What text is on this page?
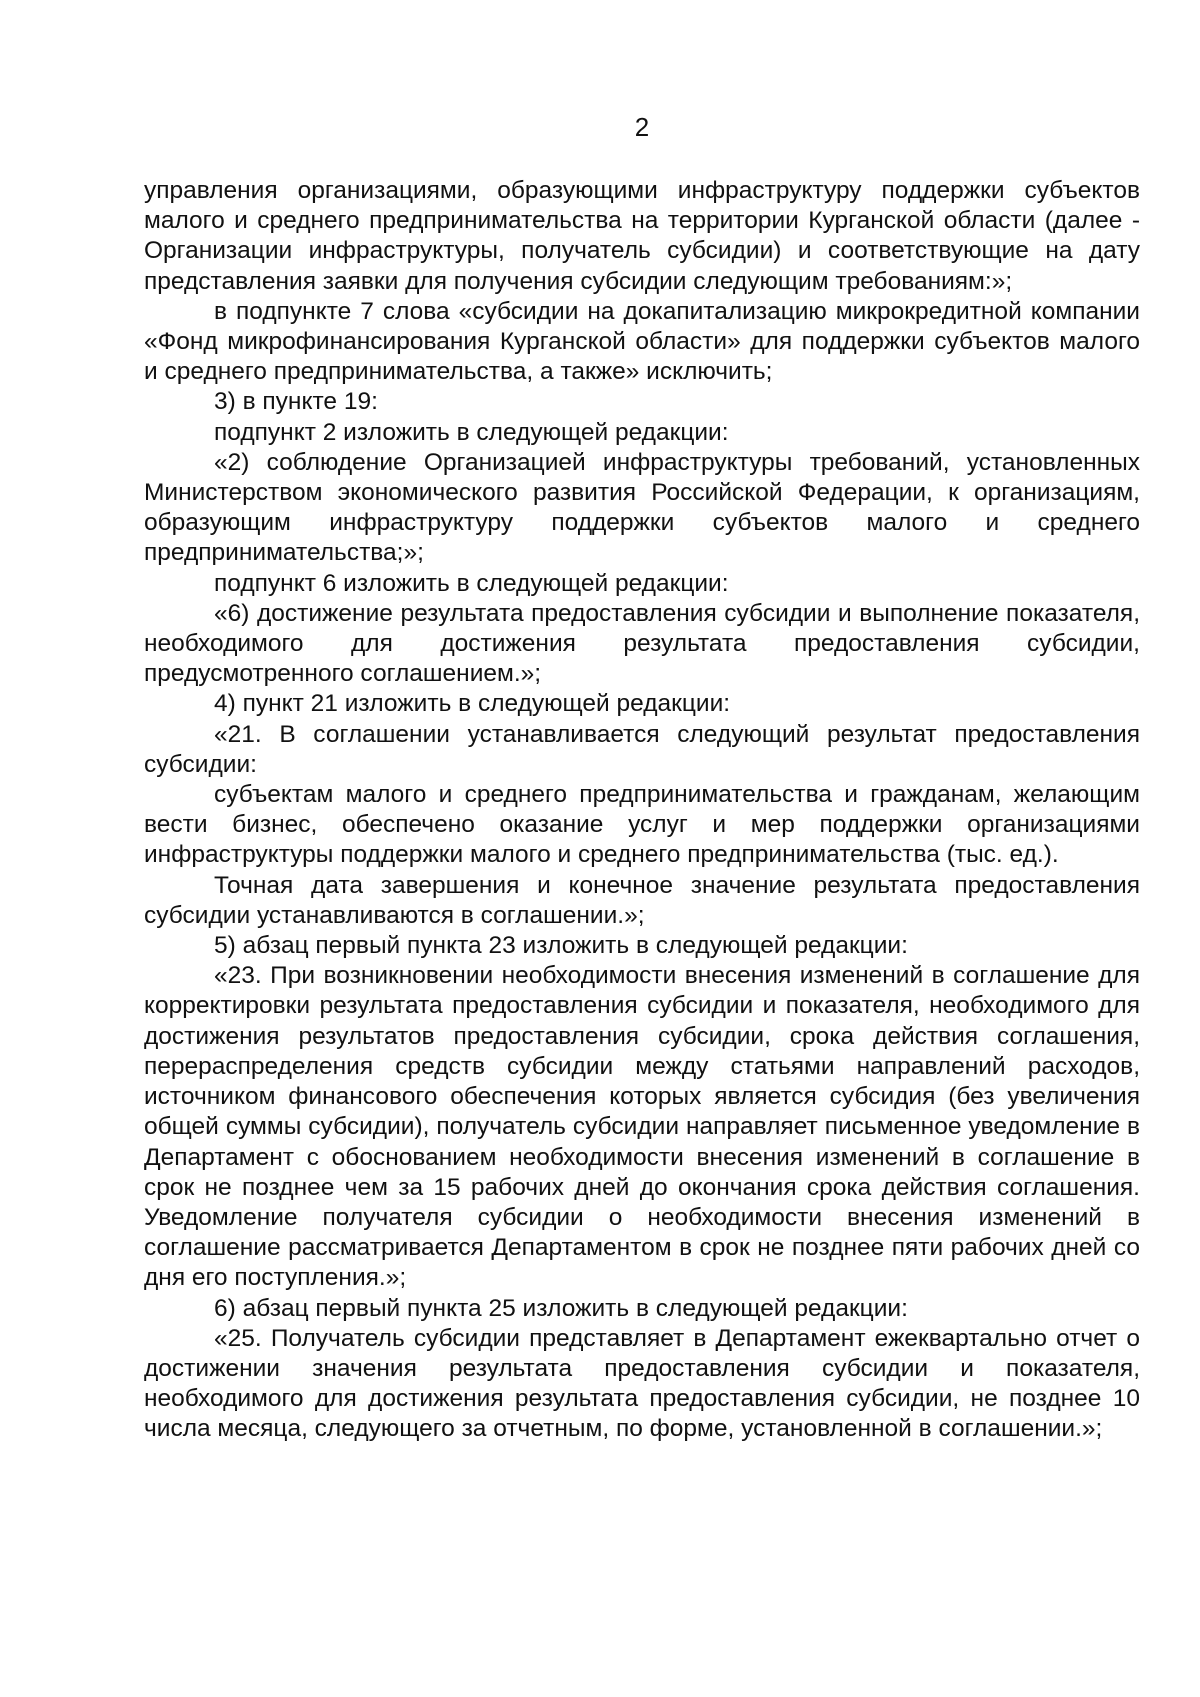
2

управления организациями, образующими инфраструктуру поддержки субъектов малого и среднего предпринимательства на территории Курганской области (далее - Организации инфраструктуры, получатель субсидии) и соответствующие на дату представления заявки для получения субсидии следующим требованиям:»;

в подпункте 7 слова «субсидии на докапитализацию микрокредитной компании «Фонд микрофинансирования Курганской области» для поддержки субъектов малого и среднего предпринимательства, а также» исключить;

3) в пункте 19:

подпункт 2 изложить в следующей редакции:

«2) соблюдение Организацией инфраструктуры требований, установленных Министерством экономического развития Российской Федерации, к организациям, образующим инфраструктуру поддержки субъектов малого и среднего предпринимательства;»;

подпункт 6 изложить в следующей редакции:

«6) достижение результата предоставления субсидии и выполнение показателя, необходимого для достижения результата предоставления субсидии, предусмотренного соглашением.»;

4) пункт 21 изложить в следующей редакции:

«21. В соглашении устанавливается следующий результат предоставления субсидии:

субъектам малого и среднего предпринимательства и гражданам, желающим вести бизнес, обеспечено оказание услуг и мер поддержки организациями инфраструктуры поддержки малого и среднего предпринимательства (тыс. ед.).

Точная дата завершения и конечное значение результата предоставления субсидии устанавливаются в соглашении.»;

5) абзац первый пункта 23 изложить в следующей редакции:

«23. При возникновении необходимости внесения изменений в соглашение для корректировки результата предоставления субсидии и показателя, необходимого для достижения результатов предоставления субсидии, срока действия соглашения, перераспределения средств субсидии между статьями направлений расходов, источником финансового обеспечения которых является субсидия (без увеличения общей суммы субсидии), получатель субсидии направляет письменное уведомление в Департамент с обоснованием необходимости внесения изменений в соглашение в срок не позднее чем за 15 рабочих дней до окончания срока действия соглашения. Уведомление получателя субсидии о необходимости внесения изменений в соглашение рассматривается Департаментом в срок не позднее пяти рабочих дней со дня его поступления.»;

6) абзац первый пункта 25 изложить в следующей редакции:

«25. Получатель субсидии представляет в Департамент ежеквартально отчет о достижении значения результата предоставления субсидии и показателя, необходимого для достижения результата предоставления субсидии, не позднее 10 числа месяца, следующего за отчетным, по форме, установленной в соглашении.»;
